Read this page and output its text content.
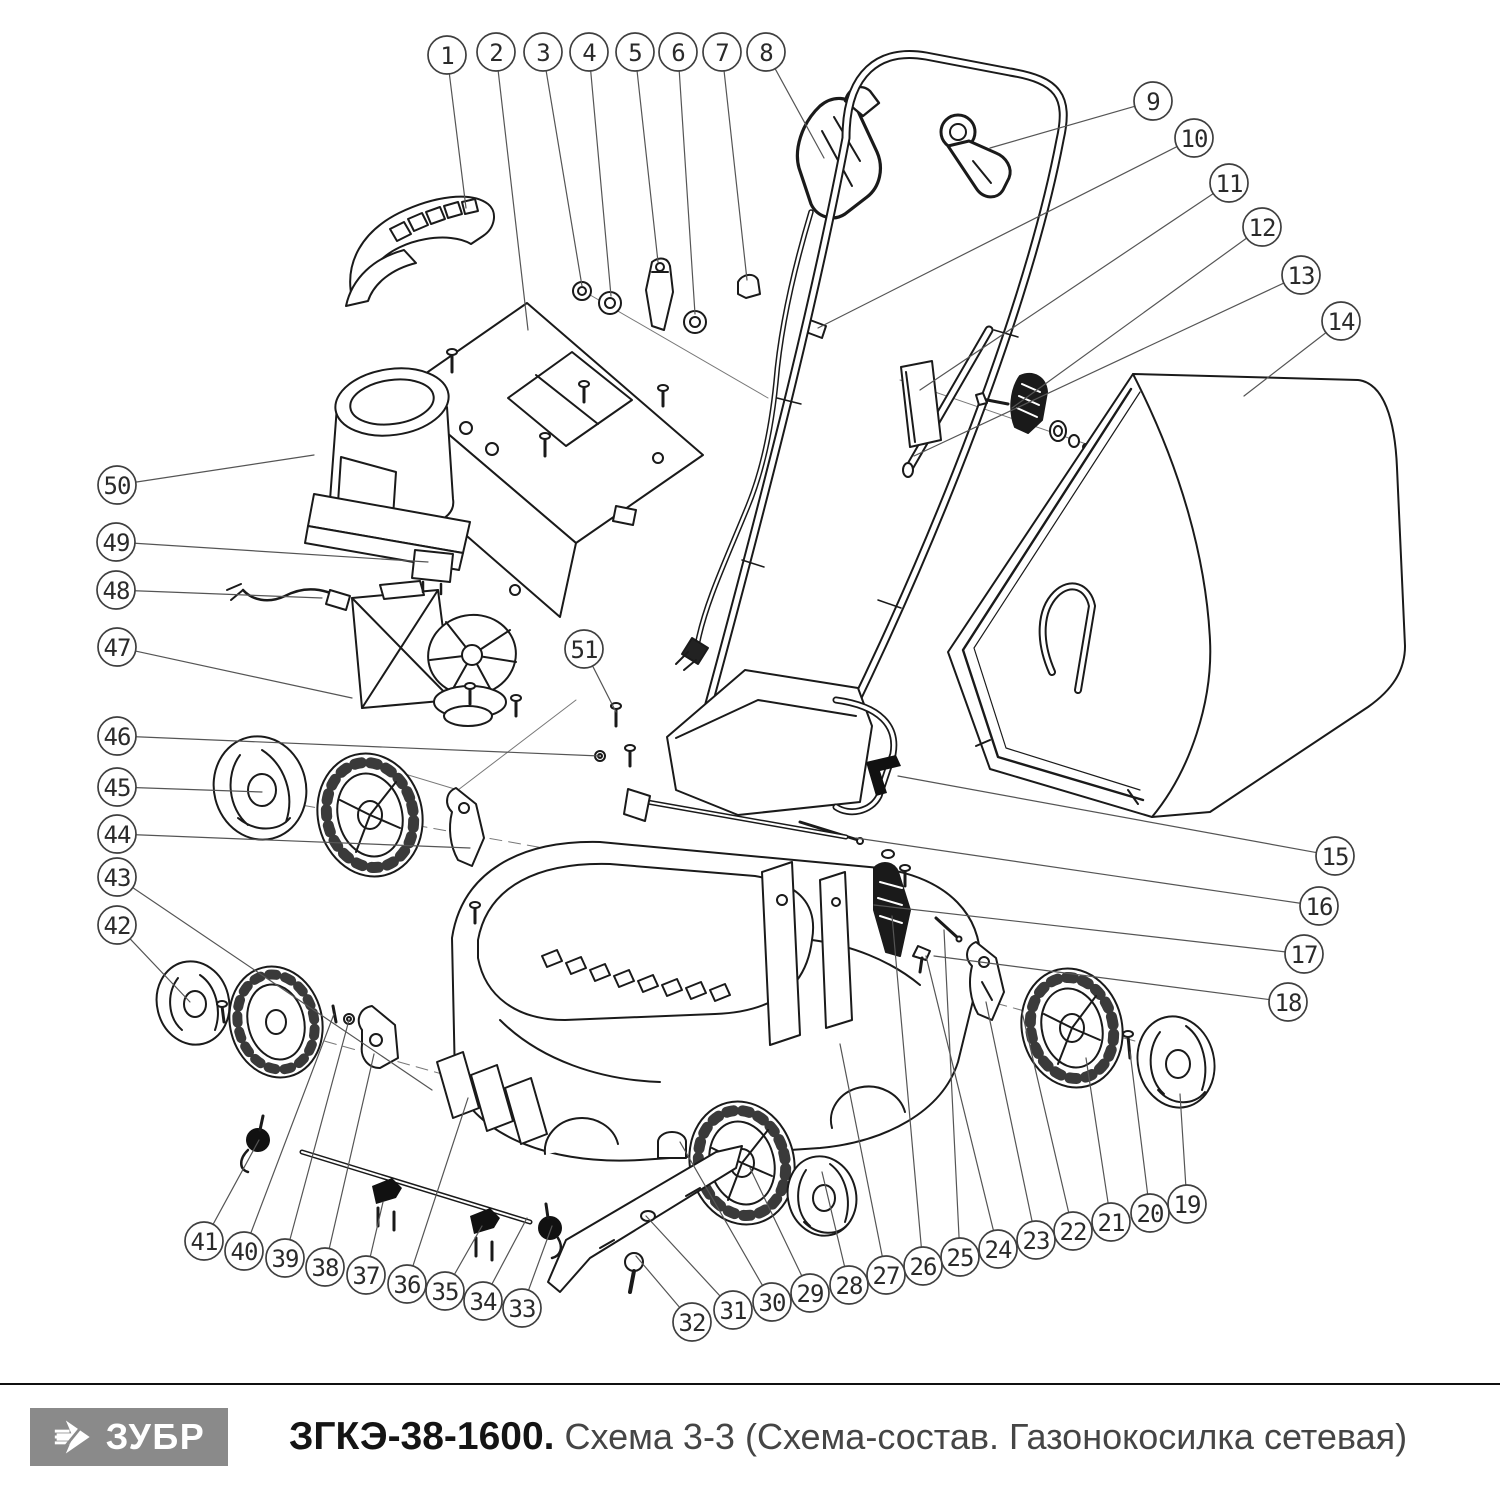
1 2 3 4 5 6 7 8
9
10
11
12
13
14
15
16
17
18
19
20
21
22
23
24
25
26
27
28
29
30
31
32
33
34
35
36
37
38
39
40
41
42
43
44
45
46
47
48
49
50
51
ЗУБР ЗГКЭ-38-1600. Схема 3-3 (Схема-состав. Газонокосилка сетевая)
